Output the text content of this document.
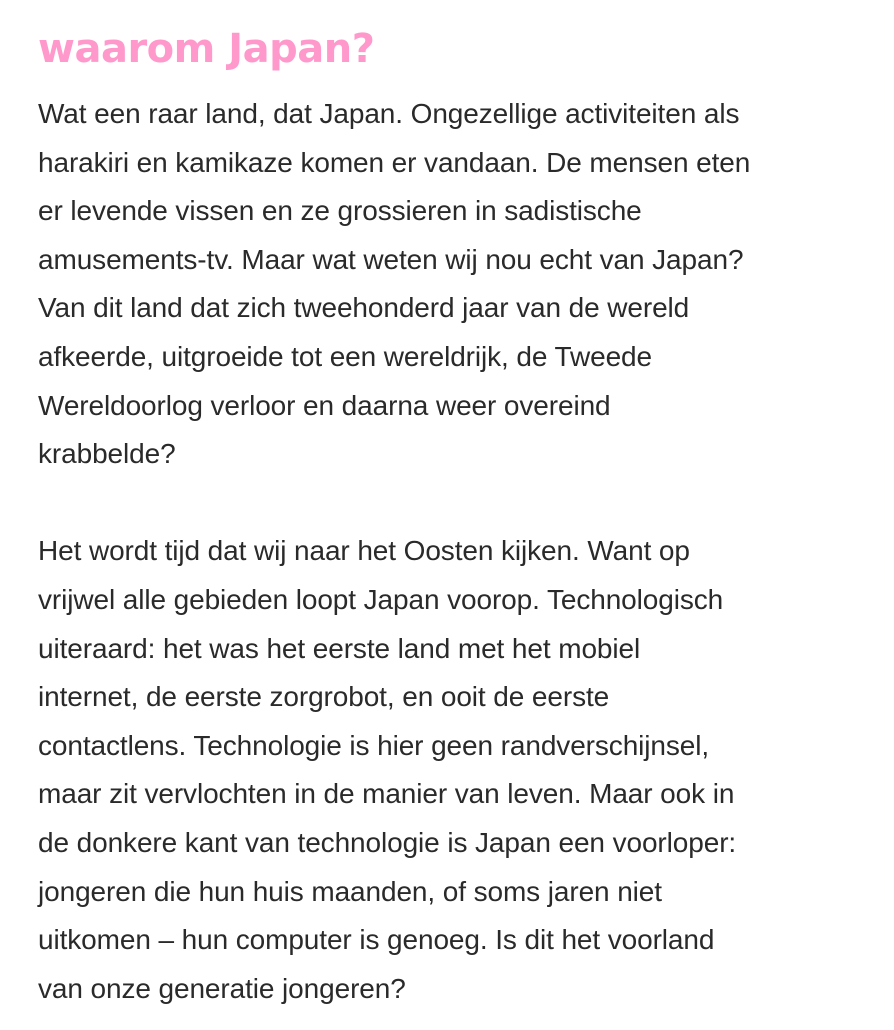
waarom Japan?

Wat een raar land, dat Japan. Ongezellige activiteiten als
harakiri en kamikaze komen er vandaan. De mensen eten
er levende vissen en ze grossieren in sadistische
amusements-tv. Maar wat weten wij nou echt van Japan?
Van dit land dat zich tweehonderd jaar van de wereld
afkeerde, uitgroeide tot een wereldrijk, de Tweede
Wereldoorlog verloor en daarna weer overeind
krabbelde?

Het wordt tijd dat wij naar het Oosten kijken. Want op
vrijwel alle gebieden loopt Japan voorop. Technologisch
uiteraard: het was het eerste land met het mobiel
internet, de eerste zorgrobot, en ooit de eerste
contactlens. Technologie is hier geen randverschijnsel,
maar zit vervlochten in de manier van leven. Maar ook in
de donkere kant van technologie is Japan een voorloper:
jongeren die hun huis maanden, of soms jaren niet
uitkomen – hun computer is genoeg. Is dit het voorland
van onze generatie jongeren?
